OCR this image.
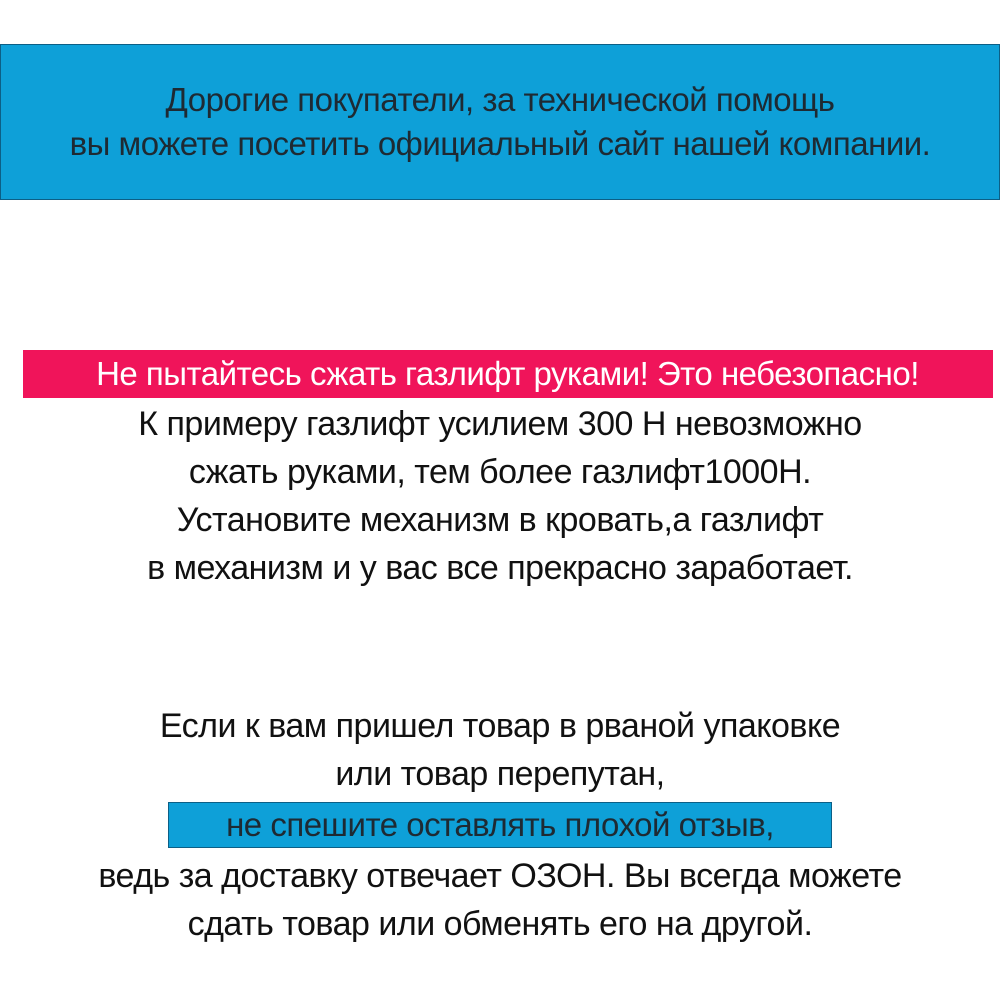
Дорогие покупатели, за технической помощь
вы можете посетить официальный сайт нашей компании.
Не пытайтесь сжать газлифт руками! Это небезопасно!
К примеру газлифт усилием 300 Н невозможно
сжать руками, тем более газлифт1000Н.
Установите механизм в кровать,а газлифт
в механизм и у вас все прекрасно заработает.
Если к вам пришел товар в рваной упаковке
или товар перепутан,
не спешите оставлять плохой отзыв,
ведь за доставку отвечает ОЗОН. Вы всегда можете
сдать товар или обменять его на другой.
